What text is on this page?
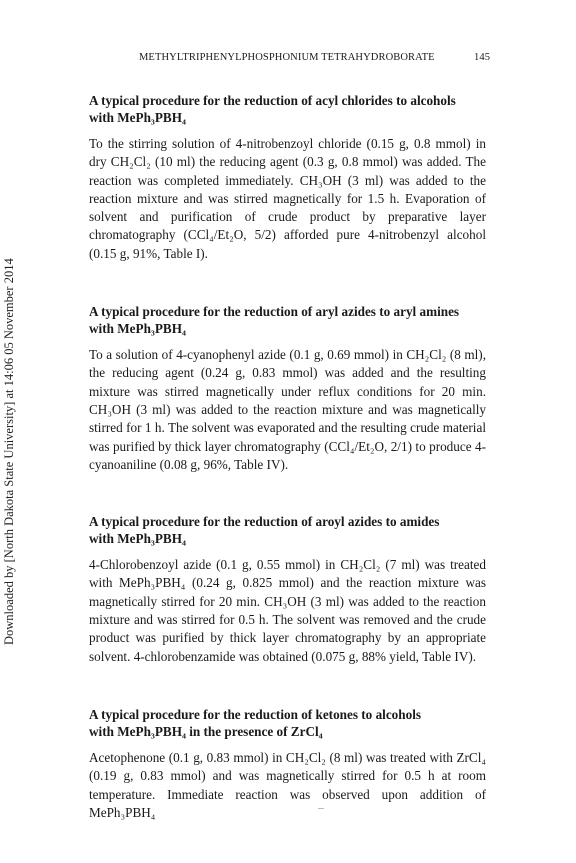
METHYLTRIPHENYLPHOSPHONIUM TETRAHYDROBORATE	145
Downloaded by [North Dakota State University] at 14:06 05 November 2014
A typical procedure for the reduction of acyl chlorides to alcohols
with MePh₃PBH₄

To the stirring solution of 4-nitrobenzoyl chloride (0.15 g, 0.8 mmol) in dry CH₂Cl₂ (10 ml) the reducing agent (0.3 g, 0.8 mmol) was added. The reaction was completed immediately. CH₃OH (3 ml) was added to the reaction mixture and was stirred magnetically for 1.5 h. Evaporation of solvent and purification of crude product by preparative layer chromatography (CCl₄/Et₂O, 5/2) afforded pure 4-nitrobenzyl alcohol (0.15 g, 91%, Table I).

A typical procedure for the reduction of aryl azides to aryl amines
with MePh₃PBH₄

To a solution of 4-cyanophenyl azide (0.1 g, 0.69 mmol) in CH₂Cl₂ (8 ml), the reducing agent (0.24 g, 0.83 mmol) was added and the resulting mixture was stirred magnetically under reflux conditions for 20 min. CH₃OH (3 ml) was added to the reaction mixture and was magnetically stirred for 1 h. The solvent was evaporated and the resulting crude material was purified by thick layer chromatography (CCl₄/Et₂O, 2/1) to produce 4-cyanoaniline (0.08 g, 96%, Table IV).

A typical procedure for the reduction of aroyl azides to amides
with MePh₃PBH₄

4-Chlorobenzoyl azide (0.1 g, 0.55 mmol) in CH₂Cl₂ (7 ml) was treated with MePh₃PBH₄ (0.24 g, 0.825 mmol) and the reaction mixture was magnetically stirred for 20 min. CH₃OH (3 ml) was added to the reaction mixture and was stirred for 0.5 h. The solvent was removed and the crude product was purified by thick layer chromatography by an appropriate solvent. 4-chlorobenzamide was obtained (0.075 g, 88% yield, Table IV).

A typical procedure for the reduction of ketones to alcohols
with MePh₃PBH₄ in the presence of ZrCl₄

Acetophenone (0.1 g, 0.83 mmol) in CH₂Cl₂ (8 ml) was treated with ZrCl₄ (0.19 g, 0.83 mmol) and was magnetically stirred for 0.5 h at room temperature. Immediate reaction was observed upon addition of MePh₃PBH₄
